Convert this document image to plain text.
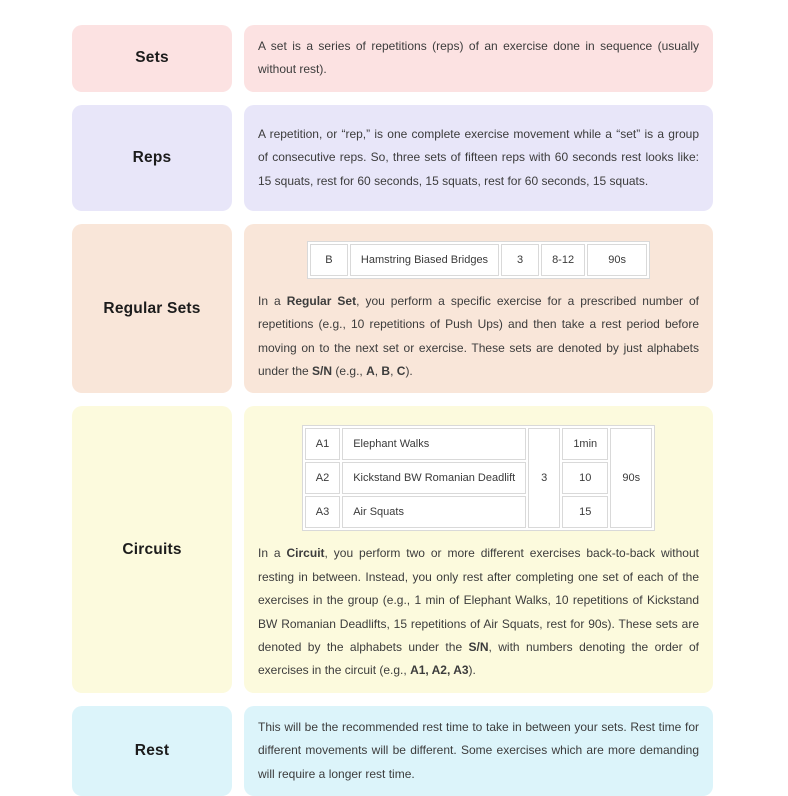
Sets

A set is a series of repetitions (reps) of an exercise done in sequence (usually without rest).

Reps

A repetition, or “rep,” is one complete exercise movement while a “set” is a group of consecutive reps. So, three sets of fifteen reps with 60 seconds rest looks like: 15 squats, rest for 60 seconds, 15 squats, rest for 60 seconds, 15 squats.

Regular Sets
B	Hamstring Biased Bridges	3	8-12	90s

In a Regular Set, you perform a specific exercise for a prescribed number of repetitions (e.g., 10 repetitions of Push Ups) and then take a rest period before moving on to the next set or exercise. These sets are denoted by just alphabets under the S/N (e.g., A, B, C).

Circuits
A1	Elephant Walks	3	1min	90s
A2	Kickstand BW Romanian Deadlift		10	
A3	Air Squats		15	

In a Circuit, you perform two or more different exercises back-to-back without resting in between. Instead, you only rest after completing one set of each of the exercises in the group (e.g., 1 min of Elephant Walks, 10 repetitions of Kickstand BW Romanian Deadlifts, 15 repetitions of Air Squats, rest for 90s). These sets are denoted by the alphabets under the S/N, with numbers denoting the order of exercises in the circuit (e.g., A1, A2, A3).

Rest

This will be the recommended rest time to take in between your sets. Rest time for different movements will be different. Some exercises which are more demanding will require a longer rest time.
